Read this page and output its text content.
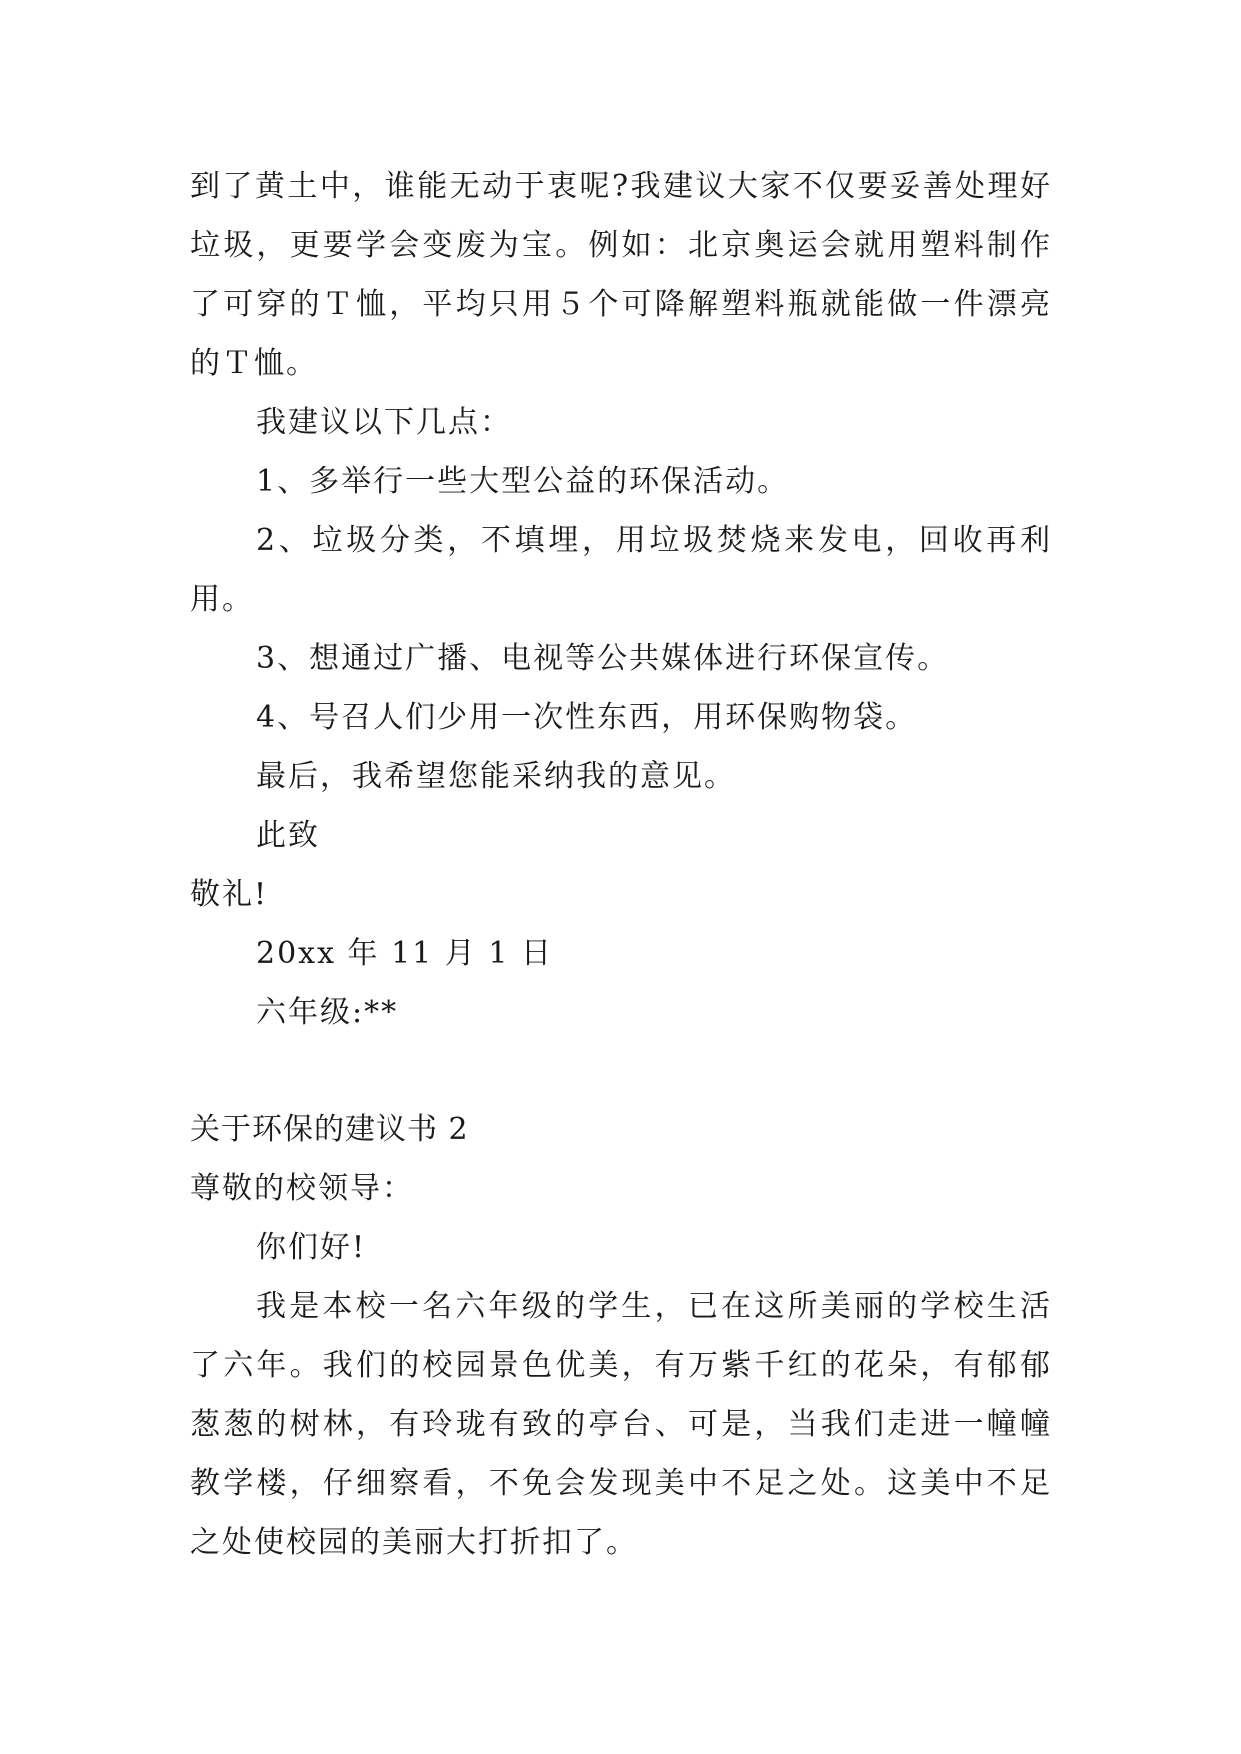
到了黄土中，谁能无动于衷呢?我建议大家不仅要妥善处理好垃圾，更要学会变废为宝。例如：北京奥运会就用塑料制作了可穿的Ｔ恤，平均只用５个可降解塑料瓶就能做一件漂亮的Ｔ恤。

我建议以下几点：

1、多举行一些大型公益的环保活动。

2、垃圾分类，不填埋，用垃圾焚烧来发电，回收再利用。

3、想通过广播、电视等公共媒体进行环保宣传。

4、号召人们少用一次性东西，用环保购物袋。

最后，我希望您能采纳我的意见。

此致

敬礼!

20xx 年 11 月 1 日

六年级:**

关于环保的建议书 2

尊敬的校领导：

你们好!

我是本校一名六年级的学生，已在这所美丽的学校生活了六年。我们的校园景色优美，有万紫千红的花朵，有郁郁葱葱的树林，有玲珑有致的亭台、可是，当我们走进一幢幢教学楼，仔细察看，不免会发现美中不足之处。这美中不足之处使校园的美丽大打折扣了。
